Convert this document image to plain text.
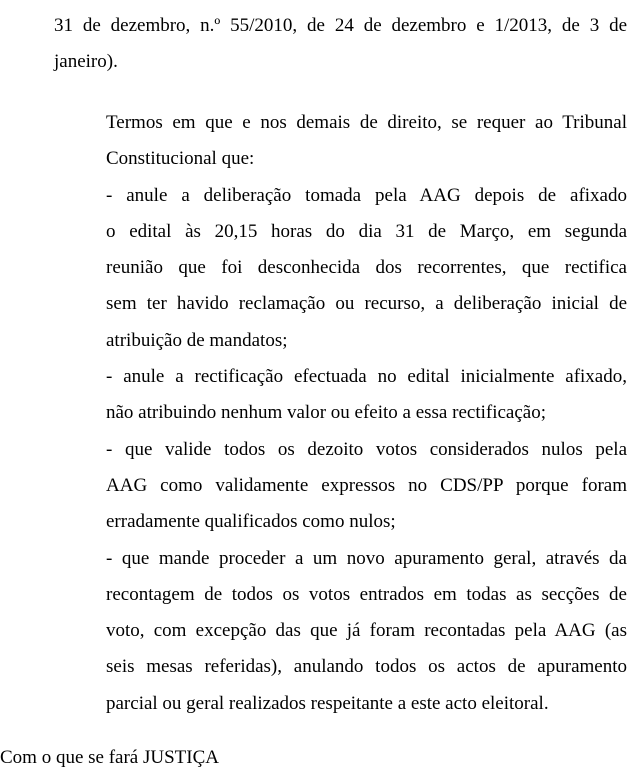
31 de dezembro, n.º 55/2010, de 24 de dezembro e 1/2013, de 3 de
janeiro).
Termos em que e nos demais de direito, se requer ao Tribunal
Constitucional que:
- anule a deliberação tomada pela AAG depois de afixado
o edital às 20,15 horas do dia 31 de Março, em segunda
reunião que foi desconhecida dos recorrentes, que rectifica
sem ter havido reclamação ou recurso, a deliberação inicial de
atribuição de mandatos;
- anule a rectificação efectuada no edital inicialmente afixado,
não atribuindo nenhum valor ou efeito a essa rectificação;
- que valide todos os dezoito votos considerados nulos pela
AAG como validamente expressos no CDS/PP porque foram
erradamente qualificados como nulos;
- que mande proceder a um novo apuramento geral, através da
recontagem de todos os votos entrados em todas as secções de
voto, com excepção das que já foram recontadas pela AAG (as
seis mesas referidas), anulando todos os actos de apuramento
parcial ou geral realizados respeitante a este acto eleitoral.

Com o que se fará JUSTIÇA
